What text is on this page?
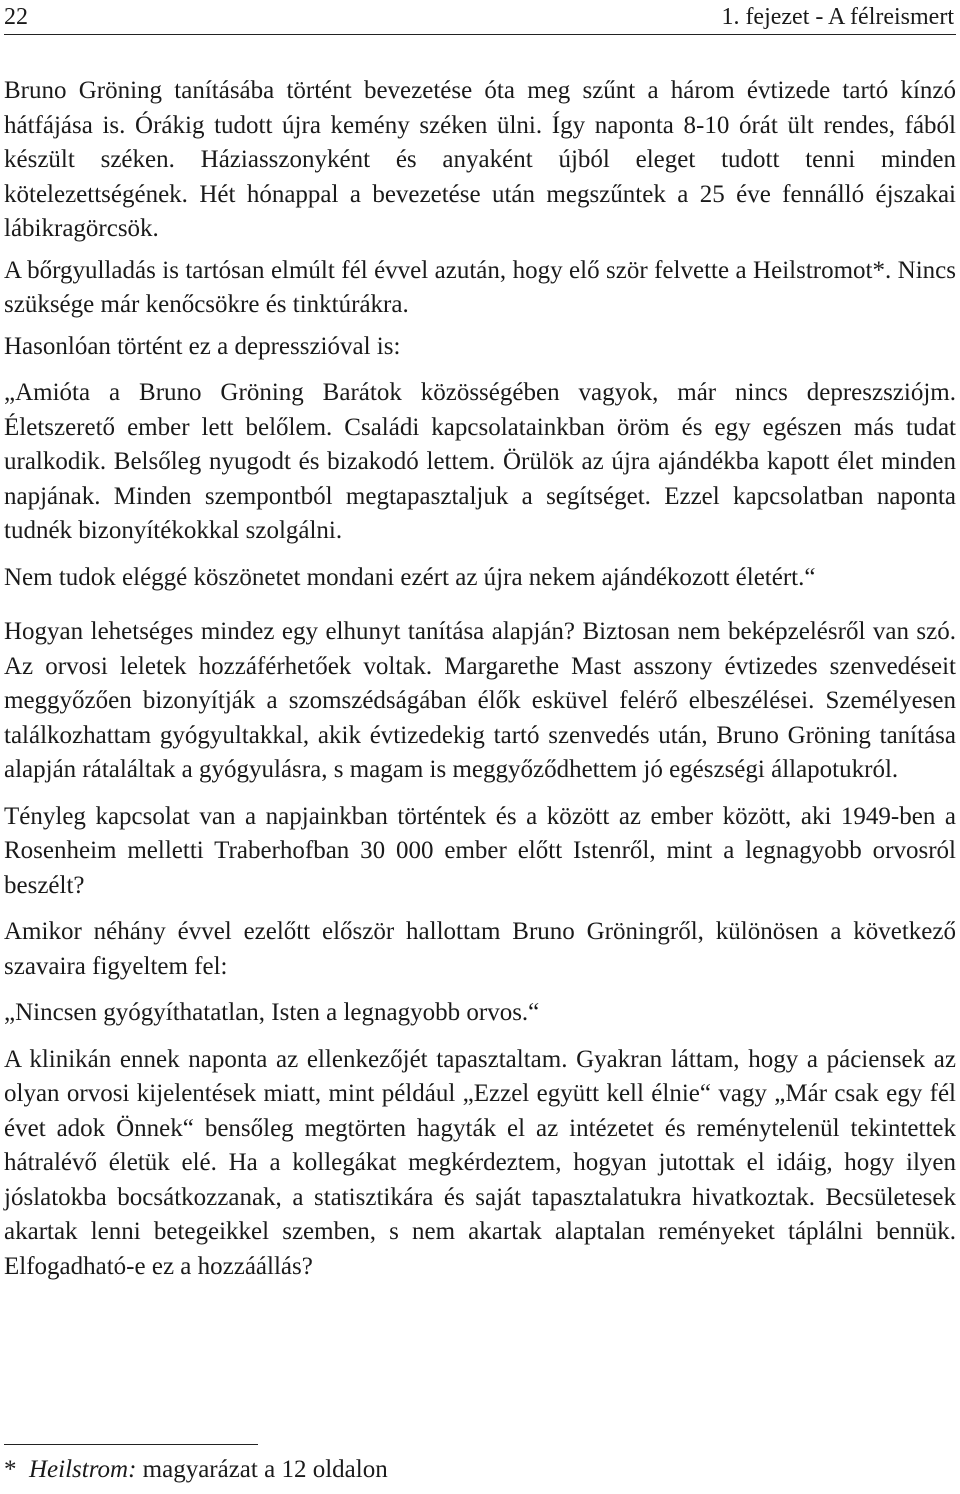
22	1. fejezet - A félreismert

Bruno Gröning tanításába történt bevezetése óta meg szűnt a három évtizede tartó kínzó hátfájása is. Órákig tudott újra kemény széken ülni. Így naponta 8-10 órát ült rendes, fából készült széken. Háziasszonyként és anyaként újból eleget tudott tenni minden kötelezettségének. Hét hónappal a bevezetése után megszűntek a 25 éve fennálló éjszakai lábikragörcsök.

A bőrgyulladás is tartósan elmúlt fél évvel azután, hogy elő ször felvette a Heilstromot*. Nincs szüksége már kenőcsökre és tinktúrákra.

Hasonlóan történt ez a depresszióval is:

„Amióta a Bruno Gröning Barátok közösségében vagyok, már nincs depreszsziójm. Életszerető ember lett belőlem. Családi kapcsolatainkban öröm és egy egészen más tudat uralkodik. Belsőleg nyugodt és bizakodó lettem. Örülök az újra ajándékba kapott élet minden napjának. Minden szempontból megtapasztaljuk a segítséget. Ezzel kapcsolatban naponta tudnék bizonyítékokkal szolgálni.

Nem tudok eléggé köszönetet mondani ezért az újra nekem ajándékozott életért.“

Hogyan lehetséges mindez egy elhunyt tanítása alapján? Biztosan nem beképzelésről van szó. Az orvosi leletek hozzáférhetőek voltak. Margarethe Mast asszony évtizedes szenvedéseit meggyőzően bizonyítják a szomszédságában élők esküvel felérő elbeszélései. Személyesen találkozhattam gyógyultakkal, akik évtizedekig tartó szenvedés után, Bruno Gröning tanítása alapján rátaláltak a gyógyulásra, s magam is meggyőződhettem jó egészségi állapotukról.

Tényleg kapcsolat van a napjainkban történtek és a között az ember között, aki 1949-ben a Rosenheim melletti Traberhofban 30 000 ember előtt Istenről, mint a legnagyobb orvosról beszélt?

Amikor néhány évvel ezelőtt először hallottam Bruno Gröningről, különösen a következő szavaira figyeltem fel:

„Nincsen gyógyíthatatlan, Isten a legnagyobb orvos.“

A klinikán ennek naponta az ellenkezőjét tapasztaltam. Gyakran láttam, hogy a páciensek az olyan orvosi kijelentések miatt, mint például „Ezzel együtt kell élnie“ vagy „Már csak egy fél évet adok Önnek“ bensőleg megtörten hagyták el az intézetet és reménytelenül tekintettek hátralévő életük elé. Ha a kollegákat megkérdeztem, hogyan jutottak el idáig, hogy ilyen jóslatokba bocsátkozzanak, a statisztikára és saját tapasztalatukra hivatkoztak. Becsületesek akartak lenni betegeikkel szemben, s nem akartak alaptalan reményeket táplálni bennük. Elfogadható-e ez a hozzáállás?

* Heilstrom: magyarázat a 12 oldalon
